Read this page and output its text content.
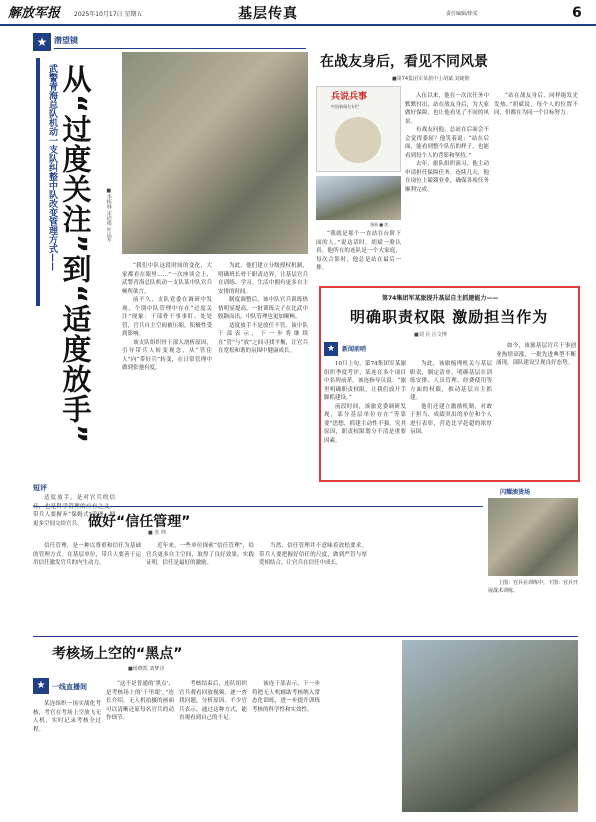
解放军报 2025年10月17日 星期五	基层传真	责任编辑/徐雯	6
★ 潜望镜
武警青海总队机动一支队纠整中队改变管理方式—— 从“过度关注”到“适度放手”	■李栋林 宋培根 叶运军

“我们中队这段时间的变化，大家都看在眼里……”一次座谈会上，武警青海总队机动一支队某中队官兵畅所欲言。

前不久，支队党委在调研中发现，个别中队管理中存在“过度关注”现象：干部骨干事事盯、处处管，官兵自主空间被压缩，积极性受到影响。

该支队组织骨干深入剖析原因，引导带兵人转变观念，从“管住人”向“带好兵”转变，在日常管理中做到张弛有度。

为此，他们建立分级授权机制，明确班长骨干职责边界，让基层官兵在训练、学习、生活中拥有更多自主安排的时间。

制度调整后，该中队官兵训练热情明显提高，一批训练尖子在比武中脱颖而出，中队管理也更加顺畅。

适度放手不是放任不管。该中队干部表示，下一步将继续在“管”与“放”之间寻找平衡，让官兵在宽松和谐的氛围中健康成长。

短评

适度放手，是对官兵的信 带兵人要摒弃“保姆式”管理，把更多空间交给官兵。

在战友身后，看见不同风景
■第74集团军某旅中士胡斌 刘婕维
兵说兵事
中国新闻名专栏
漫画 ■ 凯

“我就是那个一直站在台阶下面的人。”说这话时，胡斌一脸认真。他所在的连队是一个大家庭，每次合影时，他总是站在最后一排。

入伍以来，他在一次次任务中默默付出，站在战友身后，为大家做好保障，也让他看见了不同的风景。

有战友问他，总站在后面会不会觉得委屈？他笑着说：“站在后面，能看到整个队伍的样子，也能看到每个人的背影和坚持。”

去年，旅队组织演习，他主动申请担任保障任务。连续几天，他在岗位上兢兢业业，确保各项任务顺利完成。

“站在战友身后，同样能发光发热。”胡斌说，每个人的位置不同，但都在为同一个目标努力。

第74集团军某旅提升基层自主抓建能力——
明确职责权限 激励担当作为
■刘 兵 汪文博
★	新闻前哨

10月上旬，第74集团军某旅组织季度考评，某连在多个项目中名列前茅。该连指导员说：“旅里明确职责权限，让我们放开手脚抓建设。”

前段时间，该旅党委调研发现，部分基层单位存在“等靠要”思想，抓建主动性不强。究其原因，职责权限划分不清是重要因素。

为此，该旅梳理机关与基层职责，制定清单，明确基层在训练安排、人员管理、经费使用等方面的权限，推动基层自主抓建。

他们还建立激励机制，对敢于担当、成绩突出的单位和个人进行表彰，营造比学赶超的浓厚氛围。

如今，该旅基层官兵干事创业热情高涨，一批先进典型不断涌现，部队建设呈现良好态势。

做好“信任管理”
■ 张 帅

信任管理，是一种以尊重和信任为基础的管理方式。在基层单位，带兵人要善于运用信任激发官兵的内生动力。

近年来，一些单位探索“信任管理”，给官兵更多自主空间，取得了良好效果。实践证明，信任是最好的激励。

当然，信任管理并不意味着放松要求。带兵人要把握好信任的尺度，做到严管与厚爱相结合，让官兵在信任中成长。

闪耀滚烫场

上图：官兵在训练中。下图：官兵开展战术训练。

考核场上空的“黑点”
■杨晓凯 刘梦诗
★ 一线直播间

某连组织一场实战化考核，考官在考场上空放飞无人机，实时记录考核全过程。

“这不是普通的‘黑点’，是考核场上的‘千里眼’。”连长介绍，无人机拍摄的画面可以清晰还原每名官兵的动作细节。

考核结束后，连队组织官兵观看回放视频，逐一查找问题，分析原因。不少官兵表示，通过这种方式，能直观看到自己的不足。

该连干部表示，下一步将把无人机辅助考核纳入常态化训练，进一步提升训练考核的科学性和实效性。
